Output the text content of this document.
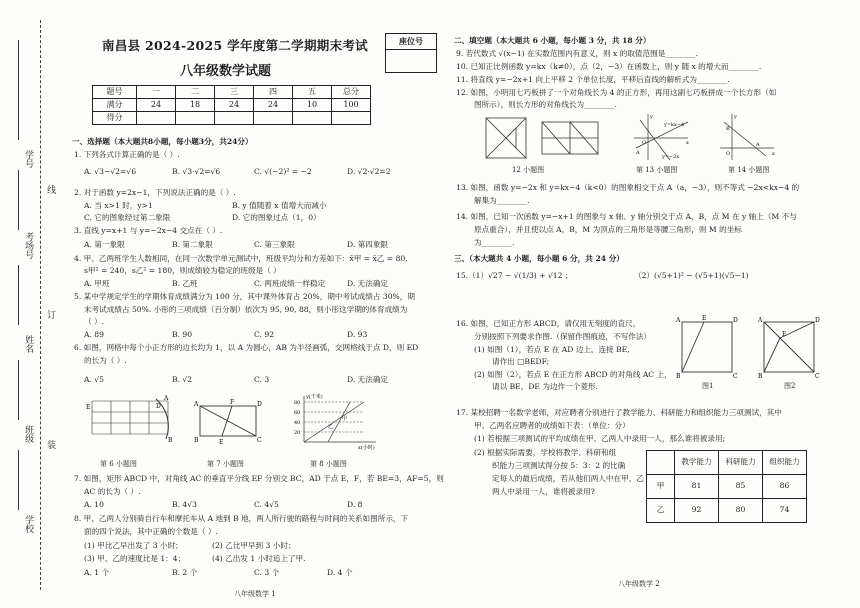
学号
考场号
姓名
班级
学校
线
订
装
南昌县 2024-2025 学年度第二学期期末考试
八年级数学试题
座位号
题号	一	二	三	四	五	总分
满分	24	18	24	24	10	100
得分						
一、选择题（本大题共8小题，每小题3分，共24分）
1. 下列各式计算正确的是（ ）.
A. √3−√2=√6	B. √3·√2=√6	C. √(−2)² = −2	D. √2·√2=2
2. 对于函数 y=2x−1，下列说法正确的是（ ）.
A. 当 x>1 时，y>1	B. y 值随着 x 值增大而减小
C. 它的图象经过第二象限	D. 它的图象过点（1，0）
3. 直线 y=x+1 与 y=−2x−4 交点在（ ）.
A. 第一象限	B. 第二象限	C. 第三象限	D. 第四象限
4. 甲、乙两班学生人数相同，在同一次数学单元测试中，班级平均分和方差如下：x̄甲 = x̄乙 = 80,
s甲² = 240，s乙² = 180，则成绩较为稳定的班级是（ ）
A. 甲班	B. 乙班	C. 两班成绩一样稳定	D. 无法确定
5. 某中学规定学生的学期体育成绩满分为 100 分，其中课外体育占 20%，期中考试成绩占 30%，期
末考试成绩占 50%. 小彤的三项成绩（百分制）依次为 95, 90, 88，则小彤这学期的体育成绩为
（ ）.
A. 89	B. 90	C. 92	D. 93
6. 如图，网格中每个小正方形的边长均为 1，以 A 为圆心，AB 为半径画弧，交网格线于点 D，则 ED
的长为（ ）.
A. √5	B. √2	C. 3	D. 无法确定
E
A
D
B
第 6 小题图
A	F	D
B	E	C
第 7 小题图
y(千米)
80
60
40
20
x(小时)
甲
乙
第 8 小题图
7. 如图，矩形 ABCD 中，对角线 AC 的垂直平分线 EF 分别交 BC，AD 于点 E，F，若 BE=3，AF=5，则
AC 的长为（ ）.
A. 10	B. 4√3	C. 4√5	D. 8
8. 甲、乙两人分别骑自行车和摩托车从 A 地到 B 地，两人所行驶的路程与时间的关系如图所示，下
面的四个说法，其中正确的个数是（ ）.
(1) 甲比乙早出发了 3 小时；	(2) 乙比甲早到 3 小时；
(3) 甲、乙的速度比是 1：4；	(4) 乙出发 1 小时追上了甲.
A. 1 个	B. 2 个	C. 3 个	D. 4 个
八年级数学 1
二、填空题（本大题共 6 小题，每小题 3 分，共 18 分）
9. 若代数式 √(x−1) 在实数范围内有意义，则 x 的取值范围是________.
10. 已知正比例函数 y=kx（k≠0），点（2，−3）在函数上，则 y 随 x 的增大而________.
11. 将直线 y=−2x+1 向上平移 2 个单位长度，平移后直线的解析式为________.
12. 如图，小明用七巧板拼了一个对角线长为 4 的正方形，再用这副七巧板拼成一个长方形（如
图所示），则长方形的对角线长为________.
12 小题图
y
O	x
A
y=kx−4
y=−2x
第 13 小题图
y
B
O
A
x
第 14 小题图
13. 如图，函数 y=−2x 和 y=kx−4（k<0）的图象相交于点 A（a，−3），则不等式 −2x<kx−4 的
解集为________.
14. 如图，已知一次函数 y=−x+1 的图象与 x 轴、y 轴分别交于点 A，B，点 M 在 y 轴上（M 不与
原点重合），并且使以点 A，B，M 为顶点的三角形是等腰三角形，则 M 的坐标
为________.
三、（本大题共 4 小题，每小题 6 分，共 24 分）
15.（1）√27 − √(1/3) + √12 ；	（2）(√5+1)² − (√5+1)(√5−1)
16. 如图，已知正方形 ABCD，请仅用无刻度的直尺，
分别按照下列要求作图.（保留作图痕迹，不写作法）
(1) 如图（1），若点 E 在 AD 边上，连接 BE,
请作出 □BEDF;
(2) 如图（2），若点 E 在正方形 ABCD 的对角线 AC 上，
请以 BE，DE 为边作一个菱形.
A	E	D
B	C
图1
A	D
E
B	C
图2
17. 某校招聘一名数学老师，对应聘者分别进行了教学能力、科研能力和组织能力三项测试，其中
甲、乙两名应聘者的成绩如下表：（单位：分）
(1) 若根据三项测试的平均成绩在甲、乙两人中录用一人，那么谁将被录用;
(2) 根据实际需要，学校将教学、科研和组
织能力三项测试得分按 5：3：2 的比确
定每人的最后成绩，若从他们两人中在甲、乙
两人中录用一人，谁将被录用?
	教学能力	科研能力	组织能力
甲	81	85	86
乙	92	80	74
八年级数学 2
